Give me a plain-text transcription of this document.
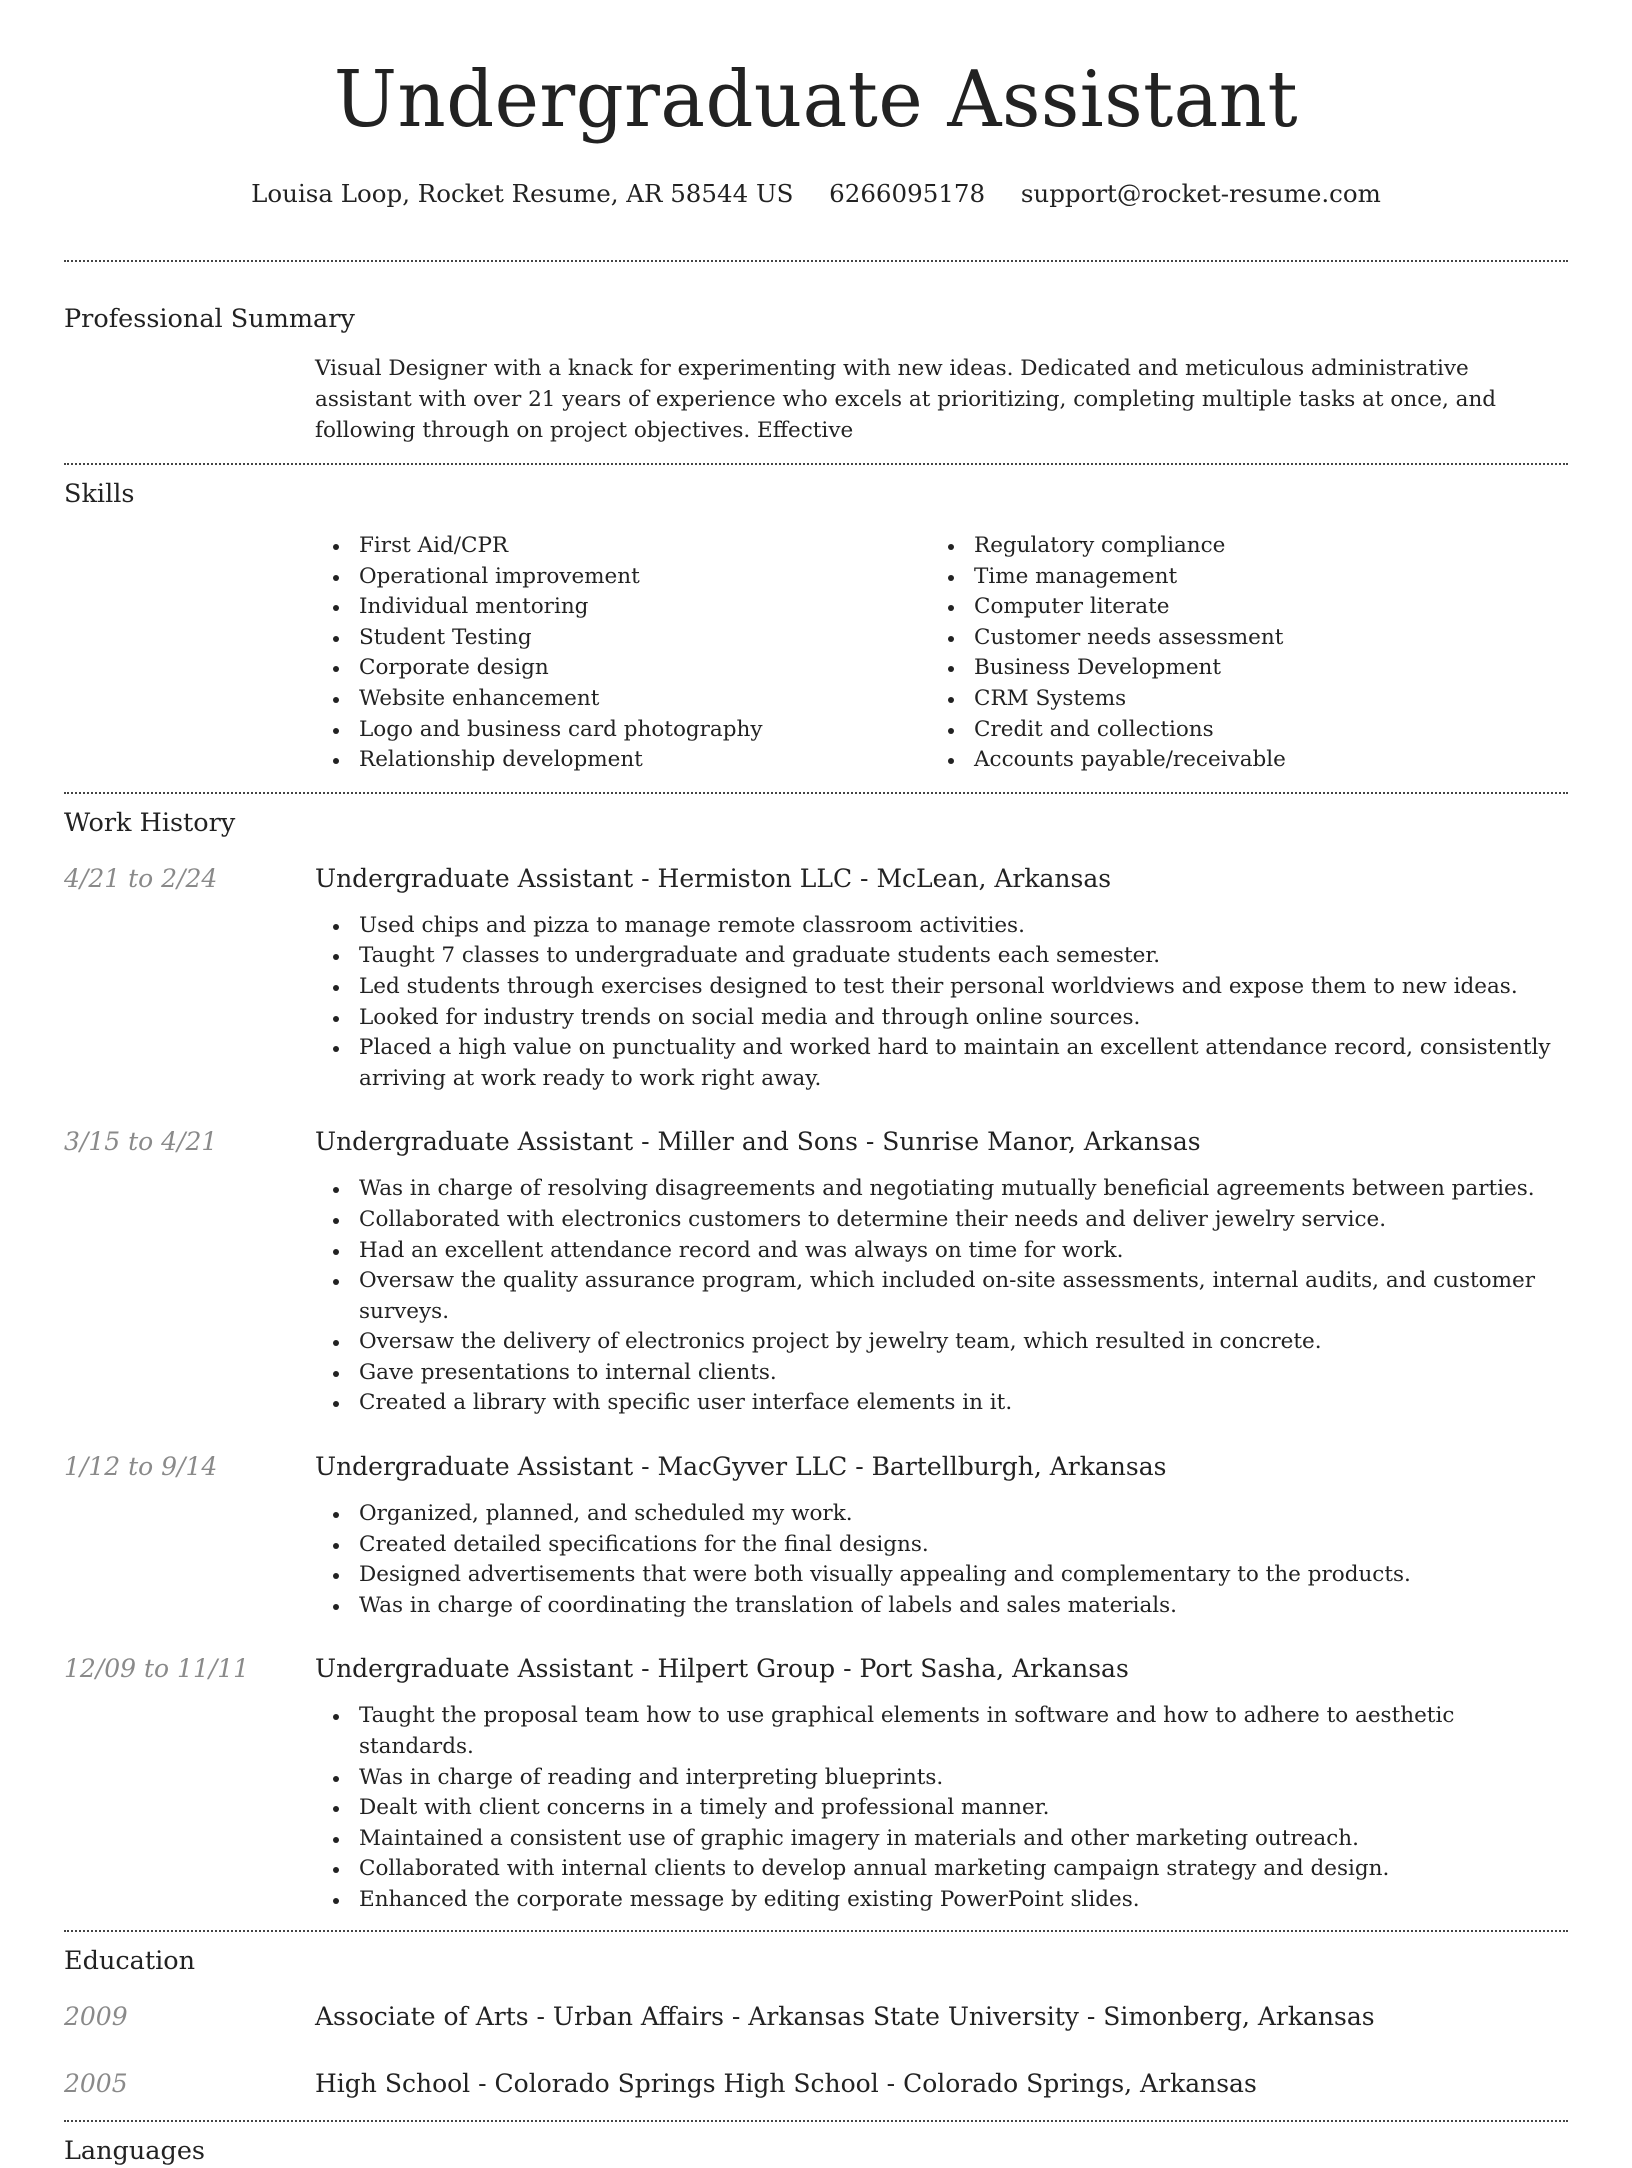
Undergraduate Assistant
Louisa Loop, Rocket Resume, AR 58544 US 6266095178 support@rocket-resume.com
Professional Summary

Visual Designer with a knack for experimenting with new ideas. Dedicated and meticulous administrative assistant with over 21 years of experience who excels at prioritizing, completing multiple tasks at once, and following through on project objectives. Effective

Skills
First Aid/CPR
Operational improvement
Individual mentoring
Student Testing
Corporate design
Website enhancement
Logo and business card photography
Relationship development
Regulatory compliance
Time management
Computer literate
Customer needs assessment
Business Development
CRM Systems
Credit and collections
Accounts payable/receivable
Work History
4/21 to 2/24	Undergraduate Assistant - Hermiston LLC - McLean, Arkansas
Used chips and pizza to manage remote classroom activities.
Taught 7 classes to undergraduate and graduate students each semester.
Led students through exercises designed to test their personal worldviews and expose them to new ideas.
Looked for industry trends on social media and through online sources.
Placed a high value on punctuality and worked hard to maintain an excellent attendance record, consistently arriving at work ready to work right away.
3/15 to 4/21	Undergraduate Assistant - Miller and Sons - Sunrise Manor, Arkansas
Was in charge of resolving disagreements and negotiating mutually beneficial agreements between parties.
Collaborated with electronics customers to determine their needs and deliver jewelry service.
Had an excellent attendance record and was always on time for work.
Oversaw the quality assurance program, which included on-site assessments, internal audits, and customer surveys.
Oversaw the delivery of electronics project by jewelry team, which resulted in concrete.
Gave presentations to internal clients.
Created a library with specific user interface elements in it.
1/12 to 9/14	Undergraduate Assistant - MacGyver LLC - Bartellburgh, Arkansas
Organized, planned, and scheduled my work.
Created detailed specifications for the final designs.
Designed advertisements that were both visually appealing and complementary to the products.
Was in charge of coordinating the translation of labels and sales materials.
12/09 to 11/11	Undergraduate Assistant - Hilpert Group - Port Sasha, Arkansas
Taught the proposal team how to use graphical elements in software and how to adhere to aesthetic standards.
Was in charge of reading and interpreting blueprints.
Dealt with client concerns in a timely and professional manner.
Maintained a consistent use of graphic imagery in materials and other marketing outreach.
Collaborated with internal clients to develop annual marketing campaign strategy and design.
Enhanced the corporate message by editing existing PowerPoint slides.
Education
2009	Associate of Arts - Urban Affairs - Arkansas State University - Simonberg, Arkansas
2005	High School - Colorado Springs High School - Colorado Springs, Arkansas
Languages
